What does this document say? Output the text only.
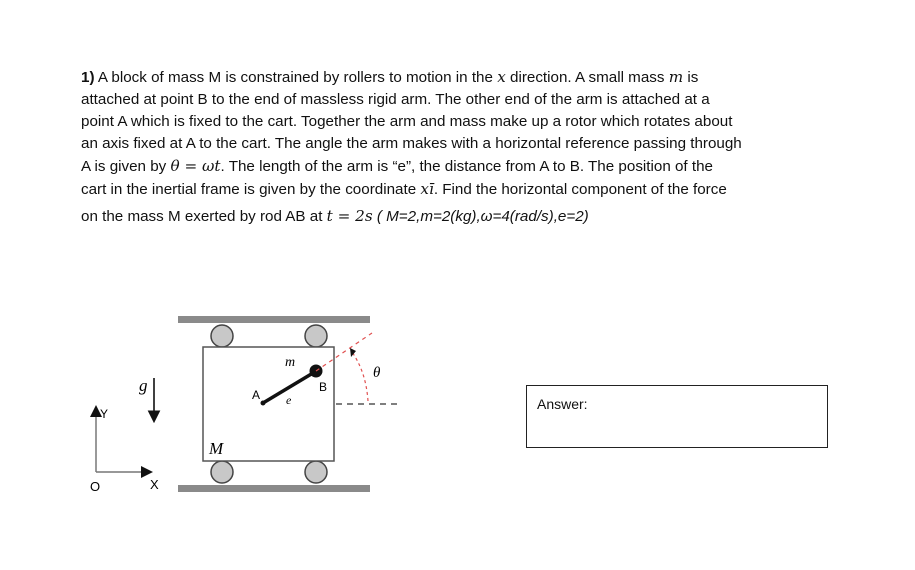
1) A block of mass M is constrained by rollers to motion in the x direction. A small mass m is
attached at point B to the end of massless rigid arm. The other end of the arm is attached at a
point A which is fixed to the cart. Together the arm and mass make up a rotor which rotates about
an axis fixed at A to the cart. The angle the arm makes with a horizontal reference passing through
A is given by θ = ωt. The length of the arm is “e”, the distance from A to B. The position of the
cart in the inertial frame is given by the coordinate xī. Find the horizontal component of the force
on the mass M exerted by rod AB at t = 2s ( M=2,m=2(kg),ω=4(rad/s),e=2)
m
B
A e
θ
M
g
Y
X
O
Answer:
